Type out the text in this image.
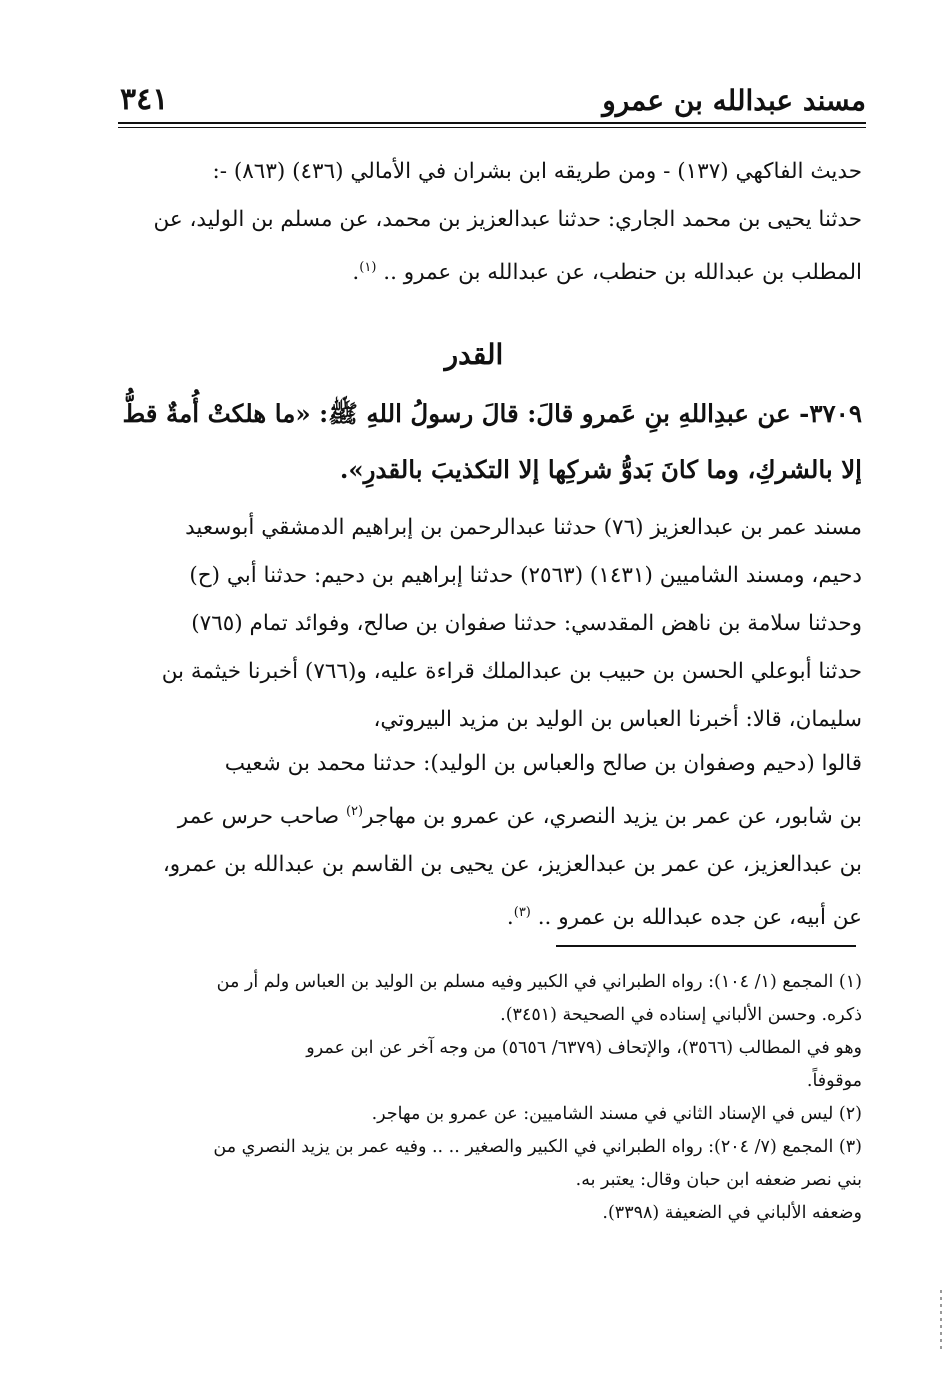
٣٤١	مسند عبدالله بن عمرو
حديث الفاكهي (١٣٧) - ومن طريقه ابن بشران في الأمالي (٤٣٦) (٨٦٣) -:
حدثنا يحيى بن محمد الجاري: حدثنا عبدالعزيز بن محمد، عن مسلم بن الوليد، عن
المطلب بن عبدالله بن حنطب، عن عبدالله بن عمرو .. $^{(١)}$.
القدر
٣٧٠٩- عن عبدِاللهِ بنِ عَمرو قالَ: قالَ رسولُ اللهِ ﷺ: «ما هلكتْ أُمةٌ قطُّ
إلا بالشركِ، وما كانَ بَدوُّ شركِها إلا التكذيبَ بالقدرِ».
مسند عمر بن عبدالعزيز (٧٦) حدثنا عبدالرحمن بن إبراهيم الدمشقي أبوسعيد
دحيم، ومسند الشاميين (١٤٣١) (٢٥٦٣) حدثنا إبراهيم بن دحيم: حدثنا أبي (ح)
وحدثنا سلامة بن ناهض المقدسي: حدثنا صفوان بن صالح، وفوائد تمام (٧٦٥)
حدثنا أبوعلي الحسن بن حبيب بن عبدالملك قراءة عليه، و(٧٦٦) أخبرنا خيثمة بن
سليمان، قالا: أخبرنا العباس بن الوليد بن مزيد البيروتي،
قالوا (دحيم وصفوان بن صالح والعباس بن الوليد): حدثنا محمد بن شعيب
بن شابور، عن عمر بن يزيد النصري، عن عمرو بن مهاجر$^{(٢)}$ صاحب حرس عمر
بن عبدالعزيز، عن عمر بن عبدالعزيز، عن يحيى بن القاسم بن عبدالله بن عمرو،
عن أبيه، عن جده عبدالله بن عمرو .. $^{(٣)}$.
(١) المجمع (١/ ١٠٤): رواه الطبراني في الكبير وفيه مسلم بن الوليد بن العباس ولم أر من
ذكره. وحسن الألباني إسناده في الصحيحة (٣٤٥١).
وهو في المطالب (٣٥٦٦)، والإتحاف (٦٣٧٩/ ٥٦٥٦) من وجه آخر عن ابن عمرو
موقوفاً.
(٢) ليس في الإسناد الثاني في مسند الشاميين: عن عمرو بن مهاجر.
(٣) المجمع (٧/ ٢٠٤): رواه الطبراني في الكبير والصغير .. .. وفيه عمر بن يزيد النصري من
بني نصر ضعفه ابن حبان وقال: يعتبر به.
وضعفه الألباني في الضعيفة (٣٣٩٨).
